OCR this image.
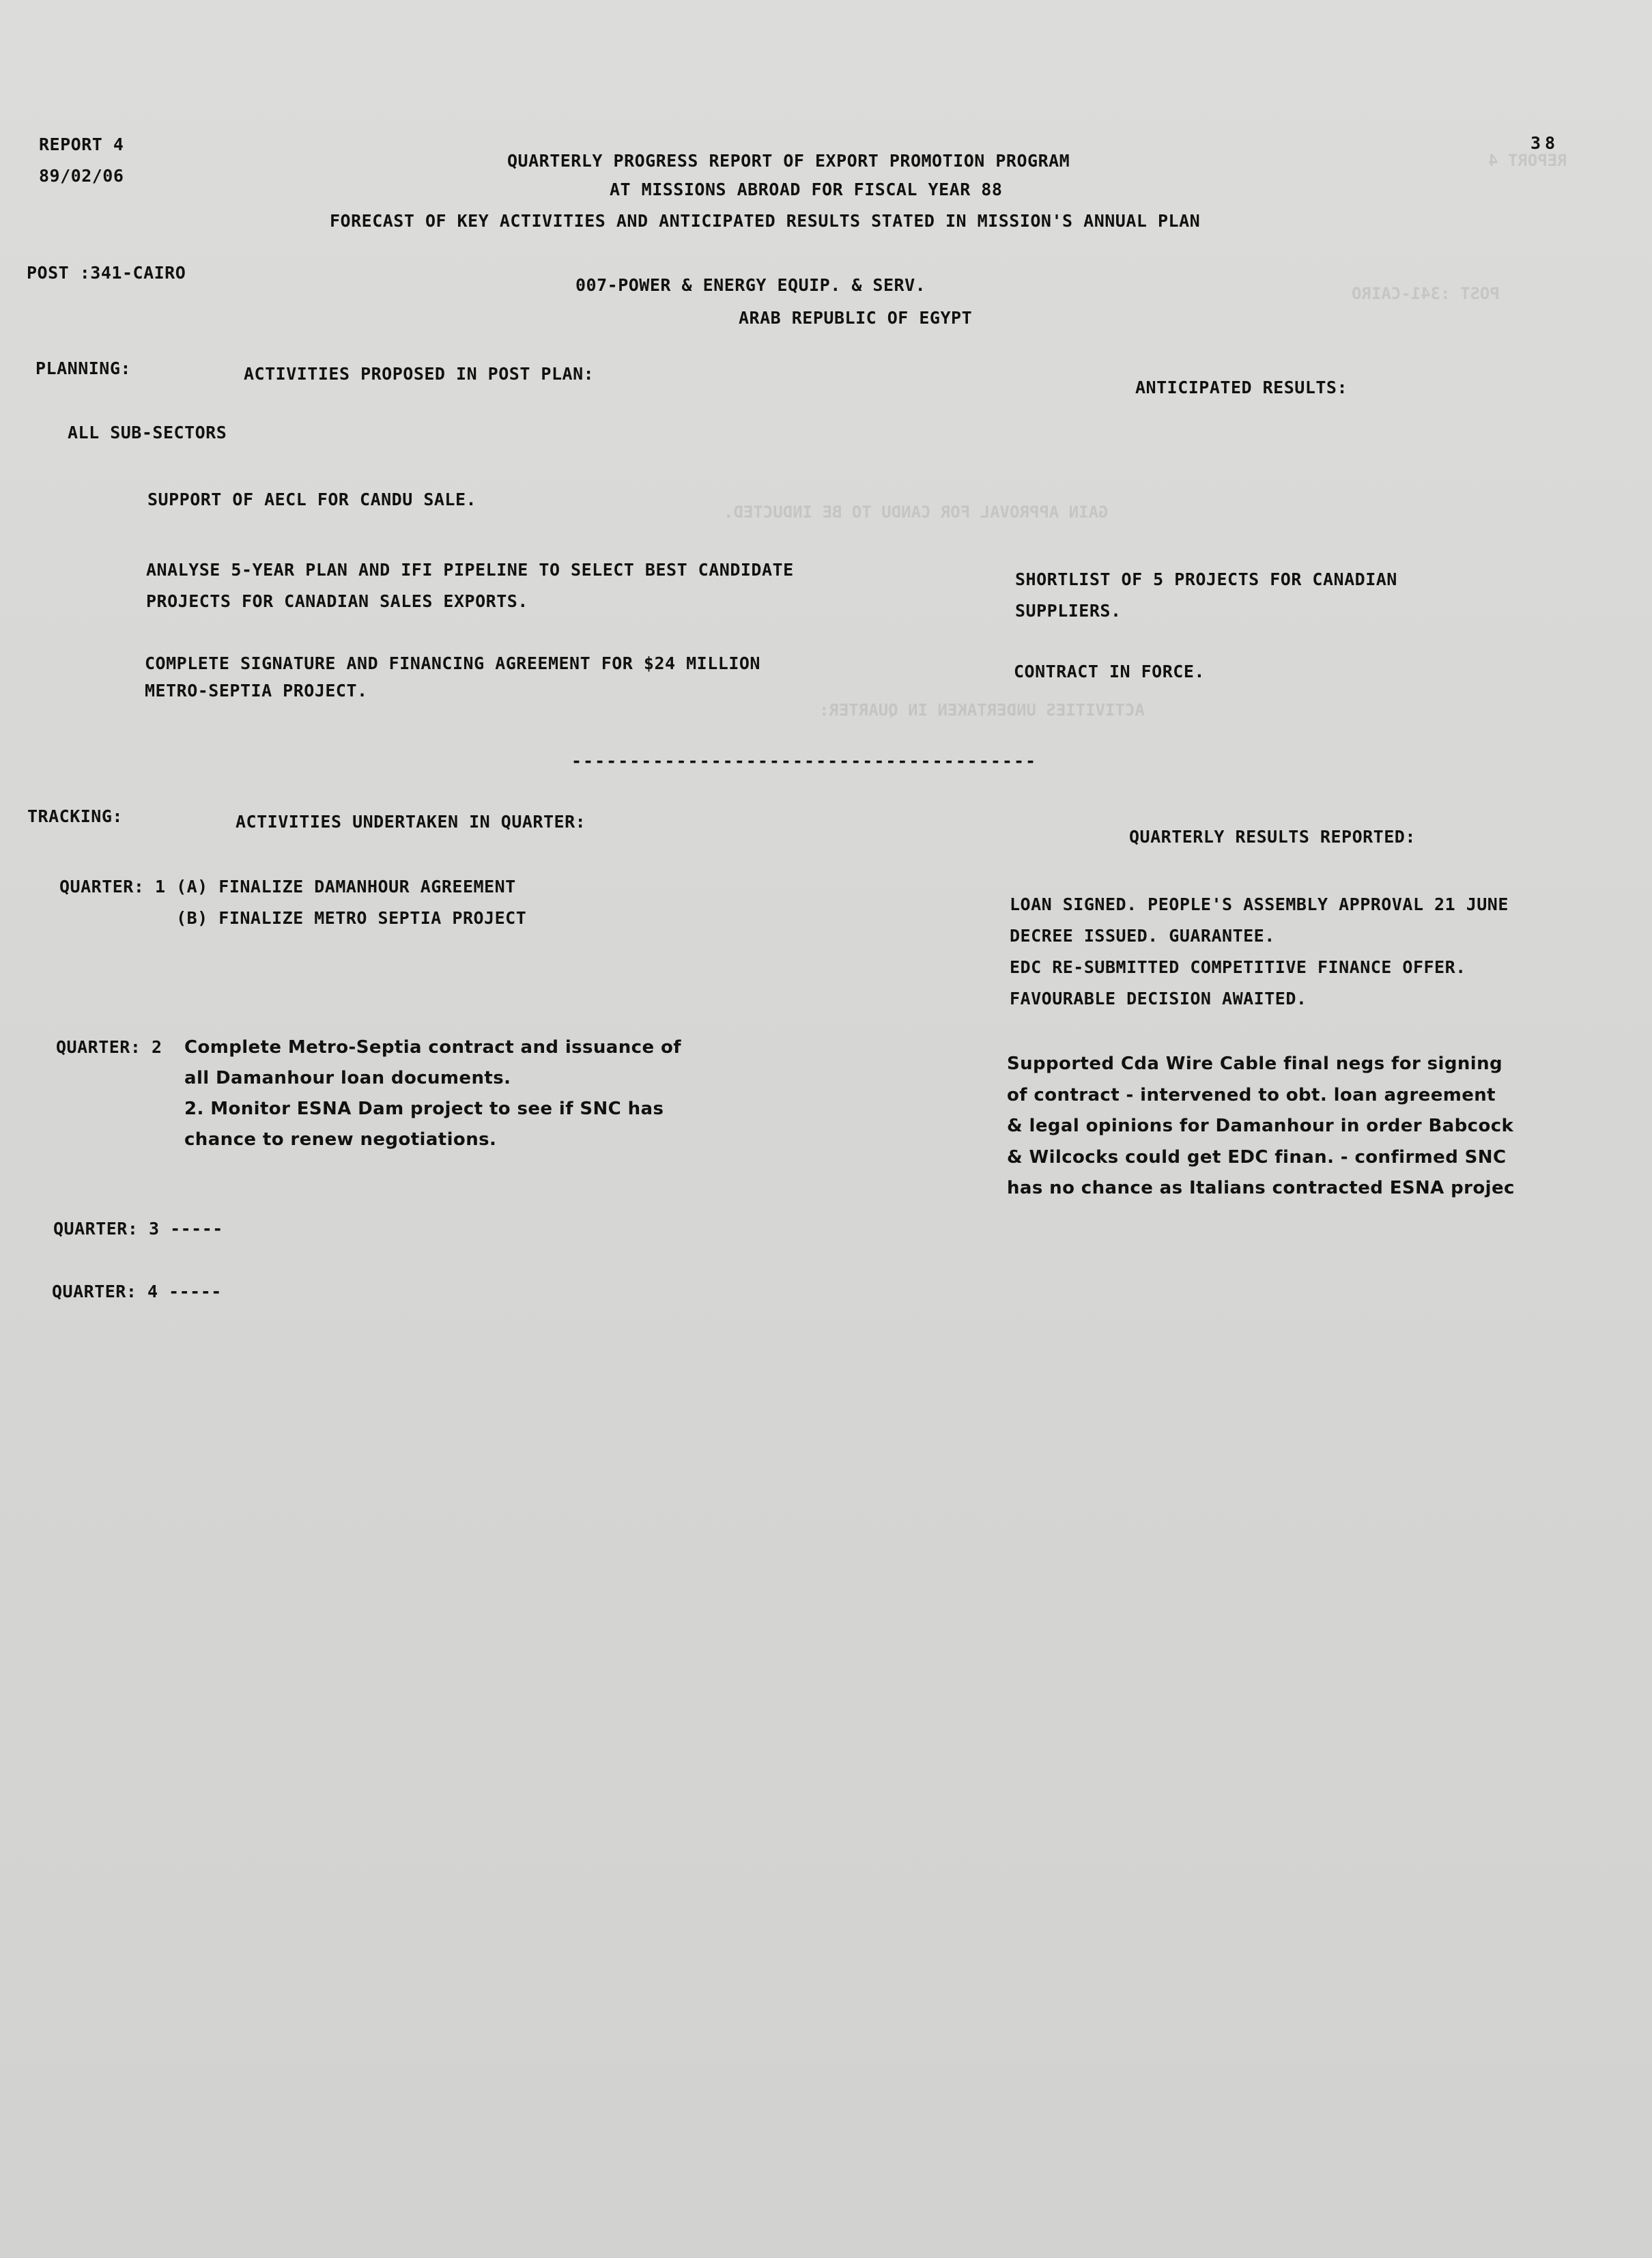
REPORT 4
POST :341-CAIRO
GAIN APPROVAL FOR CANDU TO BE INDUCTED.
ACTIVITIES UNDERTAKEN IN QUARTER:
REPORT 4
89/02/06
QUARTERLY PROGRESS REPORT OF EXPORT PROMOTION PROGRAM
AT MISSIONS ABROAD FOR FISCAL YEAR 88
FORECAST OF KEY ACTIVITIES AND ANTICIPATED RESULTS STATED IN MISSION'S ANNUAL PLAN
38
POST :341-CAIRO
007-POWER & ENERGY EQUIP. & SERV.
ARAB REPUBLIC OF EGYPT
PLANNING:	ACTIVITIES PROPOSED IN POST PLAN:
ANTICIPATED RESULTS:
ALL SUB-SECTORS
SUPPORT OF AECL FOR CANDU SALE.
ANALYSE 5-YEAR PLAN AND IFI PIPELINE TO SELECT BEST CANDIDATE
PROJECTS FOR CANADIAN SALES EXPORTS.
SHORTLIST OF 5 PROJECTS FOR CANADIAN
SUPPLIERS.
COMPLETE SIGNATURE AND FINANCING AGREEMENT FOR $24 MILLION
METRO-SEPTIA PROJECT.
CONTRACT IN FORCE.
----------------------------------------
TRACKING:	ACTIVITIES UNDERTAKEN IN QUARTER:
QUARTERLY RESULTS REPORTED:
QUARTER: 1 (A) FINALIZE DAMANHOUR AGREEMENT
(B) FINALIZE METRO SEPTIA PROJECT
LOAN SIGNED. PEOPLE'S ASSEMBLY APPROVAL 21 JUNE
DECREE ISSUED. GUARANTEE.
EDC RE-SUBMITTED COMPETITIVE FINANCE OFFER.
FAVOURABLE DECISION AWAITED.
QUARTER: 2 Complete Metro-Septia contract and issuance of
all Damanhour loan documents.
2. Monitor ESNA Dam project to see if SNC has
chance to renew negotiations.
Supported Cda Wire Cable final negs for signing
of contract - intervened to obt. loan agreement
& legal opinions for Damanhour in order Babcock
& Wilcocks could get EDC finan. - confirmed SNC
has no chance as Italians contracted ESNA projec
QUARTER: 3 -----
QUARTER: 4 -----
